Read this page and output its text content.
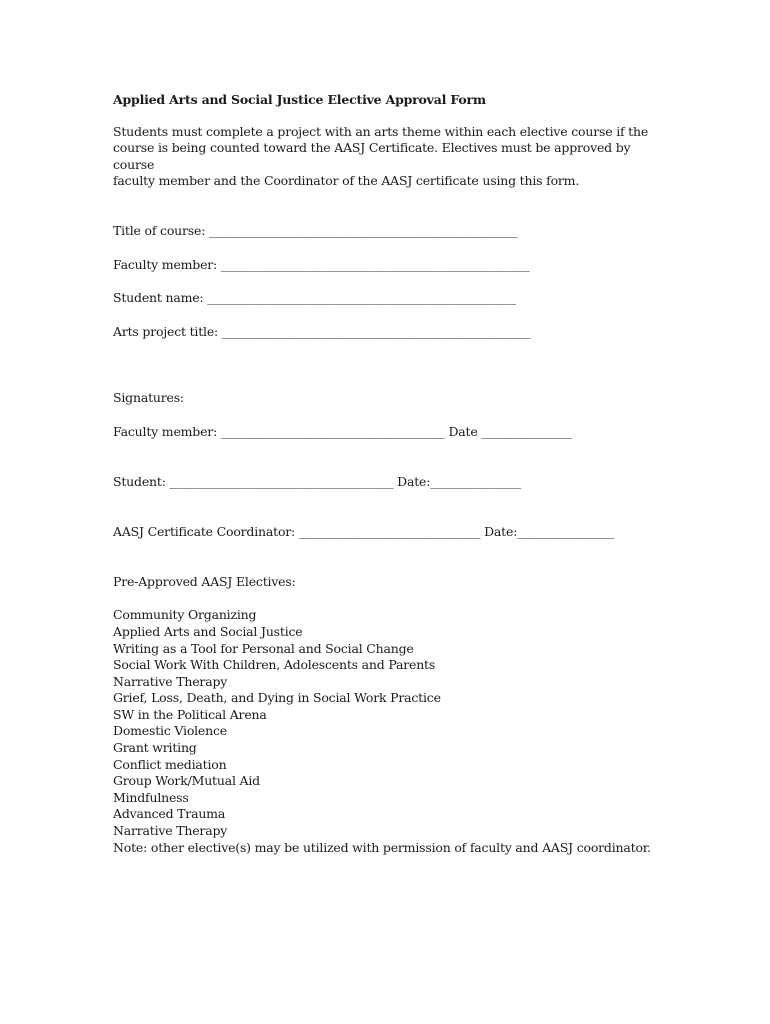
Applied Arts and Social Justice Elective Approval Form

Students must complete a project with an arts theme within each elective course if the
course is being counted toward the AASJ Certificate. Electives must be approved by course
faculty member and the Coordinator of the AASJ certificate using this form.

Title of course: ___________________________________________________

Faculty member: ___________________________________________________

Student name: ___________________________________________________

Arts project title: ___________________________________________________

Signatures:

Faculty member: _____________________________________ Date _______________

Student: _____________________________________ Date:_______________

AASJ Certificate Coordinator: ______________________________ Date:________________

Pre-Approved AASJ Electives:

Community Organizing
Applied Arts and Social Justice
Writing as a Tool for Personal and Social Change
Social Work With Children, Adolescents and Parents
Narrative Therapy
Grief, Loss, Death, and Dying in Social Work Practice
SW in the Political Arena
Domestic Violence
Grant writing
Conflict mediation
Group Work/Mutual Aid
Mindfulness
Advanced Trauma
Narrative Therapy
Note: other elective(s) may be utilized with permission of faculty and AASJ coordinator.
